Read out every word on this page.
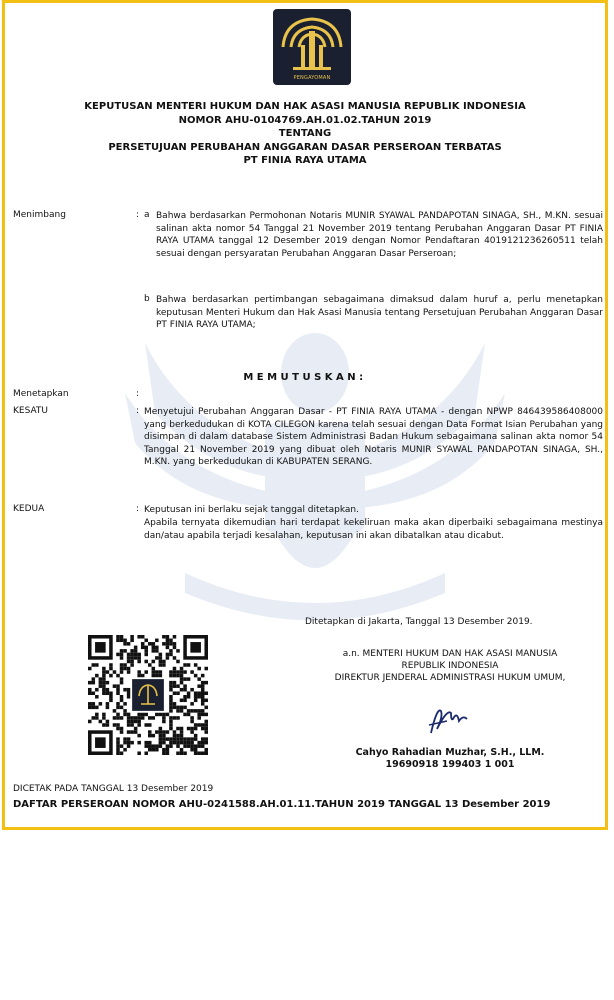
PENGAYOMAN
KEPUTUSAN MENTERI HUKUM DAN HAK ASASI MANUSIA REPUBLIK INDONESIA
NOMOR AHU-0104769.AH.01.02.TAHUN 2019
TENTANG
PERSETUJUAN PERUBAHAN ANGGARAN DASAR PERSEROAN TERBATAS
PT FINIA RAYA UTAMA
Menimbang	: a Bahwa berdasarkan Permohonan Notaris MUNIR SYAWAL PANDAPOTAN SINAGA, SH., M.KN. sesuai salinan akta nomor 54 Tanggal 21 November 2019 tentang Perubahan Anggaran Dasar PT FINIA RAYA UTAMA tanggal 12 Desember 2019 dengan Nomor Pendaftaran 4019121236260511 telah sesuai dengan persyaratan Perubahan Anggaran Dasar Perseroan;
b Bahwa berdasarkan pertimbangan sebagaimana dimaksud dalam huruf a, perlu menetapkan keputusan Menteri Hukum dan Hak Asasi Manusia tentang Persetujuan Perubahan Anggaran Dasar PT FINIA RAYA UTAMA;
MEMUTUSKAN:
Menetapkan	:
KESATU	: Menyetujui Perubahan Anggaran Dasar - PT FINIA RAYA UTAMA - dengan NPWP 846439586408000 yang berkedudukan di KOTA CILEGON karena telah sesuai dengan Data Format Isian Perubahan yang disimpan di dalam database Sistem Administrasi Badan Hukum sebagaimana salinan akta nomor 54 Tanggal 21 November 2019 yang dibuat oleh Notaris MUNIR SYAWAL PANDAPOTAN SINAGA, SH., M.KN. yang berkedudukan di KABUPATEN SERANG.
KEDUA	: Keputusan ini berlaku sejak tanggal ditetapkan.
Apabila ternyata dikemudian hari terdapat kekeliruan maka akan diperbaiki sebagaimana mestinya dan/atau apabila terjadi kesalahan, keputusan ini akan dibatalkan atau dicabut.
Ditetapkan di Jakarta, Tanggal 13 Desember 2019.
a.n. MENTERI HUKUM DAN HAK ASASI MANUSIA
REPUBLIK INDONESIA
DIREKTUR JENDERAL ADMINISTRASI HUKUM UMUM,
Cahyo Rahadian Muzhar, S.H., LLM.
19690918 199403 1 001
DICETAK PADA TANGGAL 13 Desember 2019
DAFTAR PERSEROAN NOMOR AHU-0241588.AH.01.11.TAHUN 2019 TANGGAL 13 Desember 2019
